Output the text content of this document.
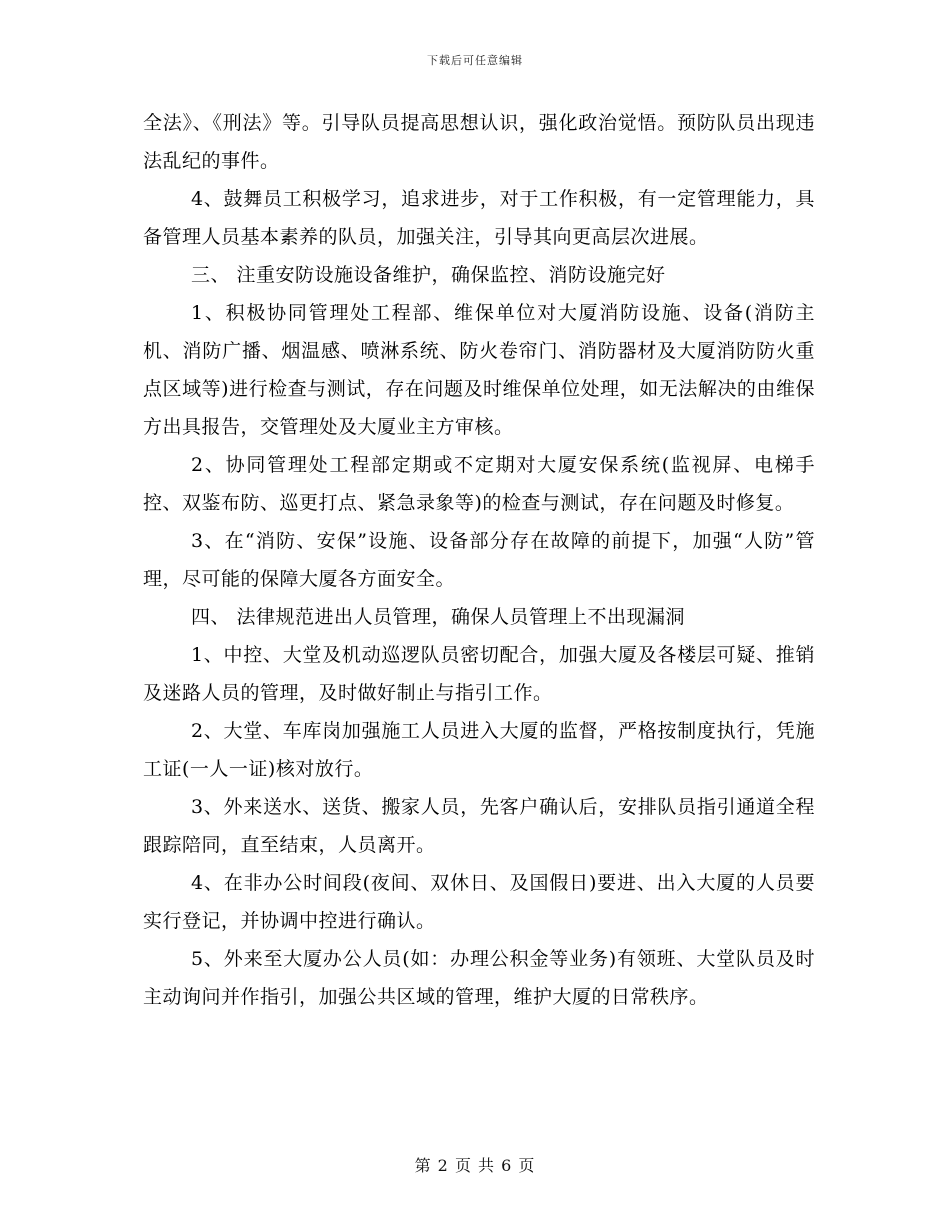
下载后可任意编辑

全法》、《刑法》等。引导队员提高思想认识，强化政治觉悟。预防队员出现违法乱纪的事件。

4、鼓舞员工积极学习，追求进步，对于工作积极，有一定管理能力，具备管理人员基本素养的队员，加强关注，引导其向更高层次进展。

三、 注重安防设施设备维护，确保监控、消防设施完好

1、积极协同管理处工程部、维保单位对大厦消防设施、设备(消防主机、消防广播、烟温感、喷淋系统、防火卷帘门、消防器材及大厦消防防火重点区域等)进行检查与测试，存在问题及时维保单位处理，如无法解决的由维保方出具报告，交管理处及大厦业主方审核。

2、协同管理处工程部定期或不定期对大厦安保系统(监视屏、电梯手控、双鉴布防、巡更打点、紧急录象等)的检查与测试，存在问题及时修复。

3、在“消防、安保”设施、设备部分存在故障的前提下，加强“人防”管理，尽可能的保障大厦各方面安全。

四、 法律规范进出人员管理，确保人员管理上不出现漏洞

1、中控、大堂及机动巡逻队员密切配合，加强大厦及各楼层可疑、推销及迷路人员的管理，及时做好制止与指引工作。

2、大堂、车库岗加强施工人员进入大厦的监督，严格按制度执行，凭施工证(一人一证)核对放行。

3、外来送水、送货、搬家人员，先客户确认后，安排队员指引通道全程跟踪陪同，直至结束，人员离开。

4、在非办公时间段(夜间、双休日、及国假日)要进、出入大厦的人员要实行登记，并协调中控进行确认。

5、外来至大厦办公人员(如：办理公积金等业务)有领班、大堂队员及时主动询问并作指引，加强公共区域的管理，维护大厦的日常秩序。

第 2 页 共 6 页
